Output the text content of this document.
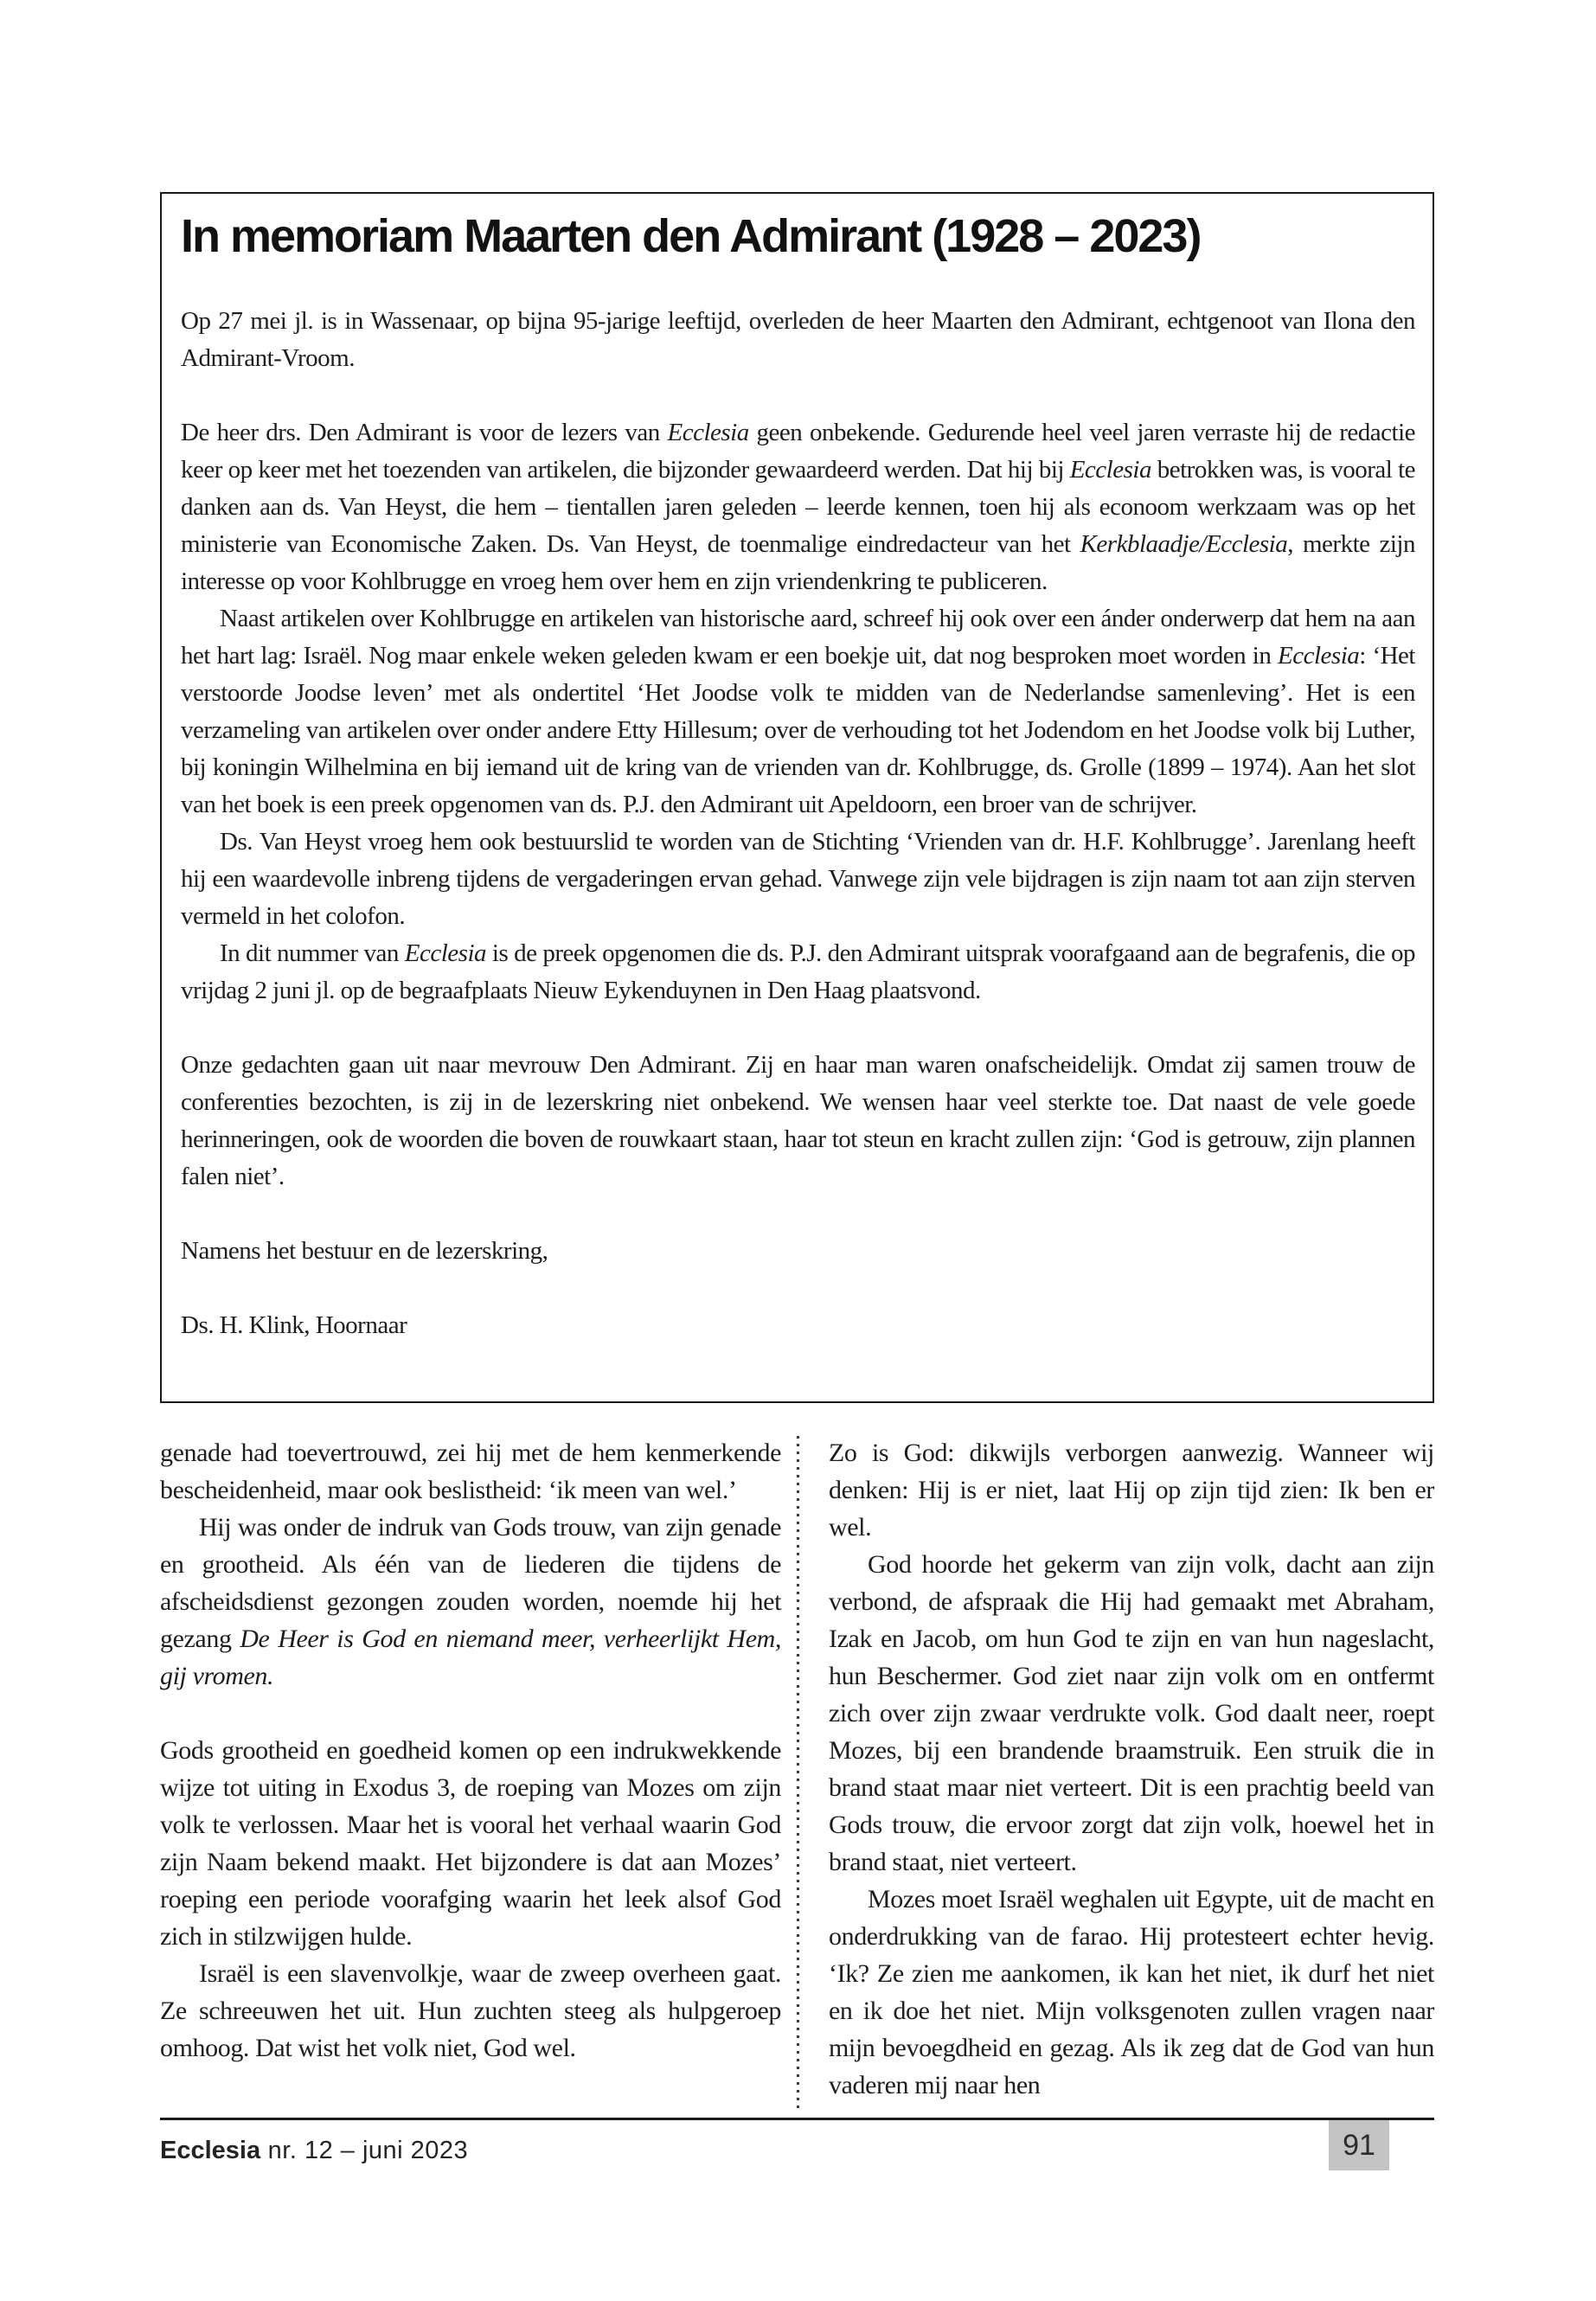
In memoriam Maarten den Admirant (1928 – 2023)

Op 27 mei jl. is in Wassenaar, op bijna 95-jarige leeftijd, overleden de heer Maarten den Admirant, echtgenoot van Ilona den Admirant-Vroom.

De heer drs. Den Admirant is voor de lezers van Ecclesia geen onbekende. Gedurende heel veel jaren verraste hij de redactie keer op keer met het toezenden van artikelen, die bijzonder gewaardeerd werden. Dat hij bij Ecclesia betrokken was, is vooral te danken aan ds. Van Heyst, die hem – tientallen jaren geleden – leerde kennen, toen hij als econoom werkzaam was op het ministerie van Economische Zaken. Ds. Van Heyst, de toenmalige eindredacteur van het Kerkblaadje/Ecclesia, merkte zijn interesse op voor Kohlbrugge en vroeg hem over hem en zijn vriendenkring te publiceren.

Naast artikelen over Kohlbrugge en artikelen van historische aard, schreef hij ook over een ánder onderwerp dat hem na aan het hart lag: Israël. Nog maar enkele weken geleden kwam er een boekje uit, dat nog besproken moet worden in Ecclesia: ‘Het verstoorde Joodse leven’ met als ondertitel ‘Het Joodse volk te midden van de Nederlandse samenleving’. Het is een verzameling van artikelen over onder andere Etty Hillesum; over de verhouding tot het Jodendom en het Joodse volk bij Luther, bij koningin Wilhelmina en bij iemand uit de kring van de vrienden van dr. Kohlbrugge, ds. Grolle (1899 – 1974). Aan het slot van het boek is een preek opgenomen van ds. P.J. den Admirant uit Apeldoorn, een broer van de schrijver.

Ds. Van Heyst vroeg hem ook bestuurslid te worden van de Stichting ‘Vrienden van dr. H.F. Kohlbrugge’. Jarenlang heeft hij een waardevolle inbreng tijdens de vergaderingen ervan gehad. Vanwege zijn vele bijdragen is zijn naam tot aan zijn sterven vermeld in het colofon.

In dit nummer van Ecclesia is de preek opgenomen die ds. P.J. den Admirant uitsprak voorafgaand aan de begrafenis, die op vrijdag 2 juni jl. op de begraafplaats Nieuw Eykenduynen in Den Haag plaatsvond.

Onze gedachten gaan uit naar mevrouw Den Admirant. Zij en haar man waren onafscheidelijk. Omdat zij samen trouw de conferenties bezochten, is zij in de lezerskring niet onbekend. We wensen haar veel sterkte toe. Dat naast de vele goede herinneringen, ook de woorden die boven de rouwkaart staan, haar tot steun en kracht zullen zijn: ‘God is getrouw, zijn plannen falen niet’.

Namens het bestuur en de lezerskring,

Ds. H. Klink, Hoornaar

genade had toevertrouwd, zei hij met de hem kenmerkende bescheidenheid, maar ook beslistheid: ‘ik meen van wel.’

Hij was onder de indruk van Gods trouw, van zijn genade en grootheid. Als één van de liederen die tijdens de afscheidsdienst gezongen zouden worden, noemde hij het gezang De Heer is God en niemand meer, verheerlijkt Hem, gij vromen.

Gods grootheid en goedheid komen op een indrukwekkende wijze tot uiting in Exodus 3, de roeping van Mozes om zijn volk te verlossen. Maar het is vooral het verhaal waarin God zijn Naam bekend maakt. Het bijzondere is dat aan Mozes’ roeping een periode voorafging waarin het leek alsof God zich in stilzwijgen hulde.

Israël is een slavenvolkje, waar de zweep overheen gaat. Ze schreeuwen het uit. Hun zuchten steeg als hulpgeroep omhoog. Dat wist het volk niet, God wel.

Zo is God: dikwijls verborgen aanwezig. Wanneer wij denken: Hij is er niet, laat Hij op zijn tijd zien: Ik ben er wel.

God hoorde het gekerm van zijn volk, dacht aan zijn verbond, de afspraak die Hij had gemaakt met Abraham, Izak en Jacob, om hun God te zijn en van hun nageslacht, hun Beschermer. God ziet naar zijn volk om en ontfermt zich over zijn zwaar verdrukte volk. God daalt neer, roept Mozes, bij een brandende braamstruik. Een struik die in brand staat maar niet verteert. Dit is een prachtig beeld van Gods trouw, die ervoor zorgt dat zijn volk, hoewel het in brand staat, niet verteert.

Mozes moet Israël weghalen uit Egypte, uit de macht en onderdrukking van de farao. Hij protesteert echter hevig. ‘Ik? Ze zien me aankomen, ik kan het niet, ik durf het niet en ik doe het niet. Mijn volksgenoten zullen vragen naar mijn bevoegdheid en gezag. Als ik zeg dat de God van hun vaderen mij naar hen

Ecclesia nr. 12 – juni 2023	91
